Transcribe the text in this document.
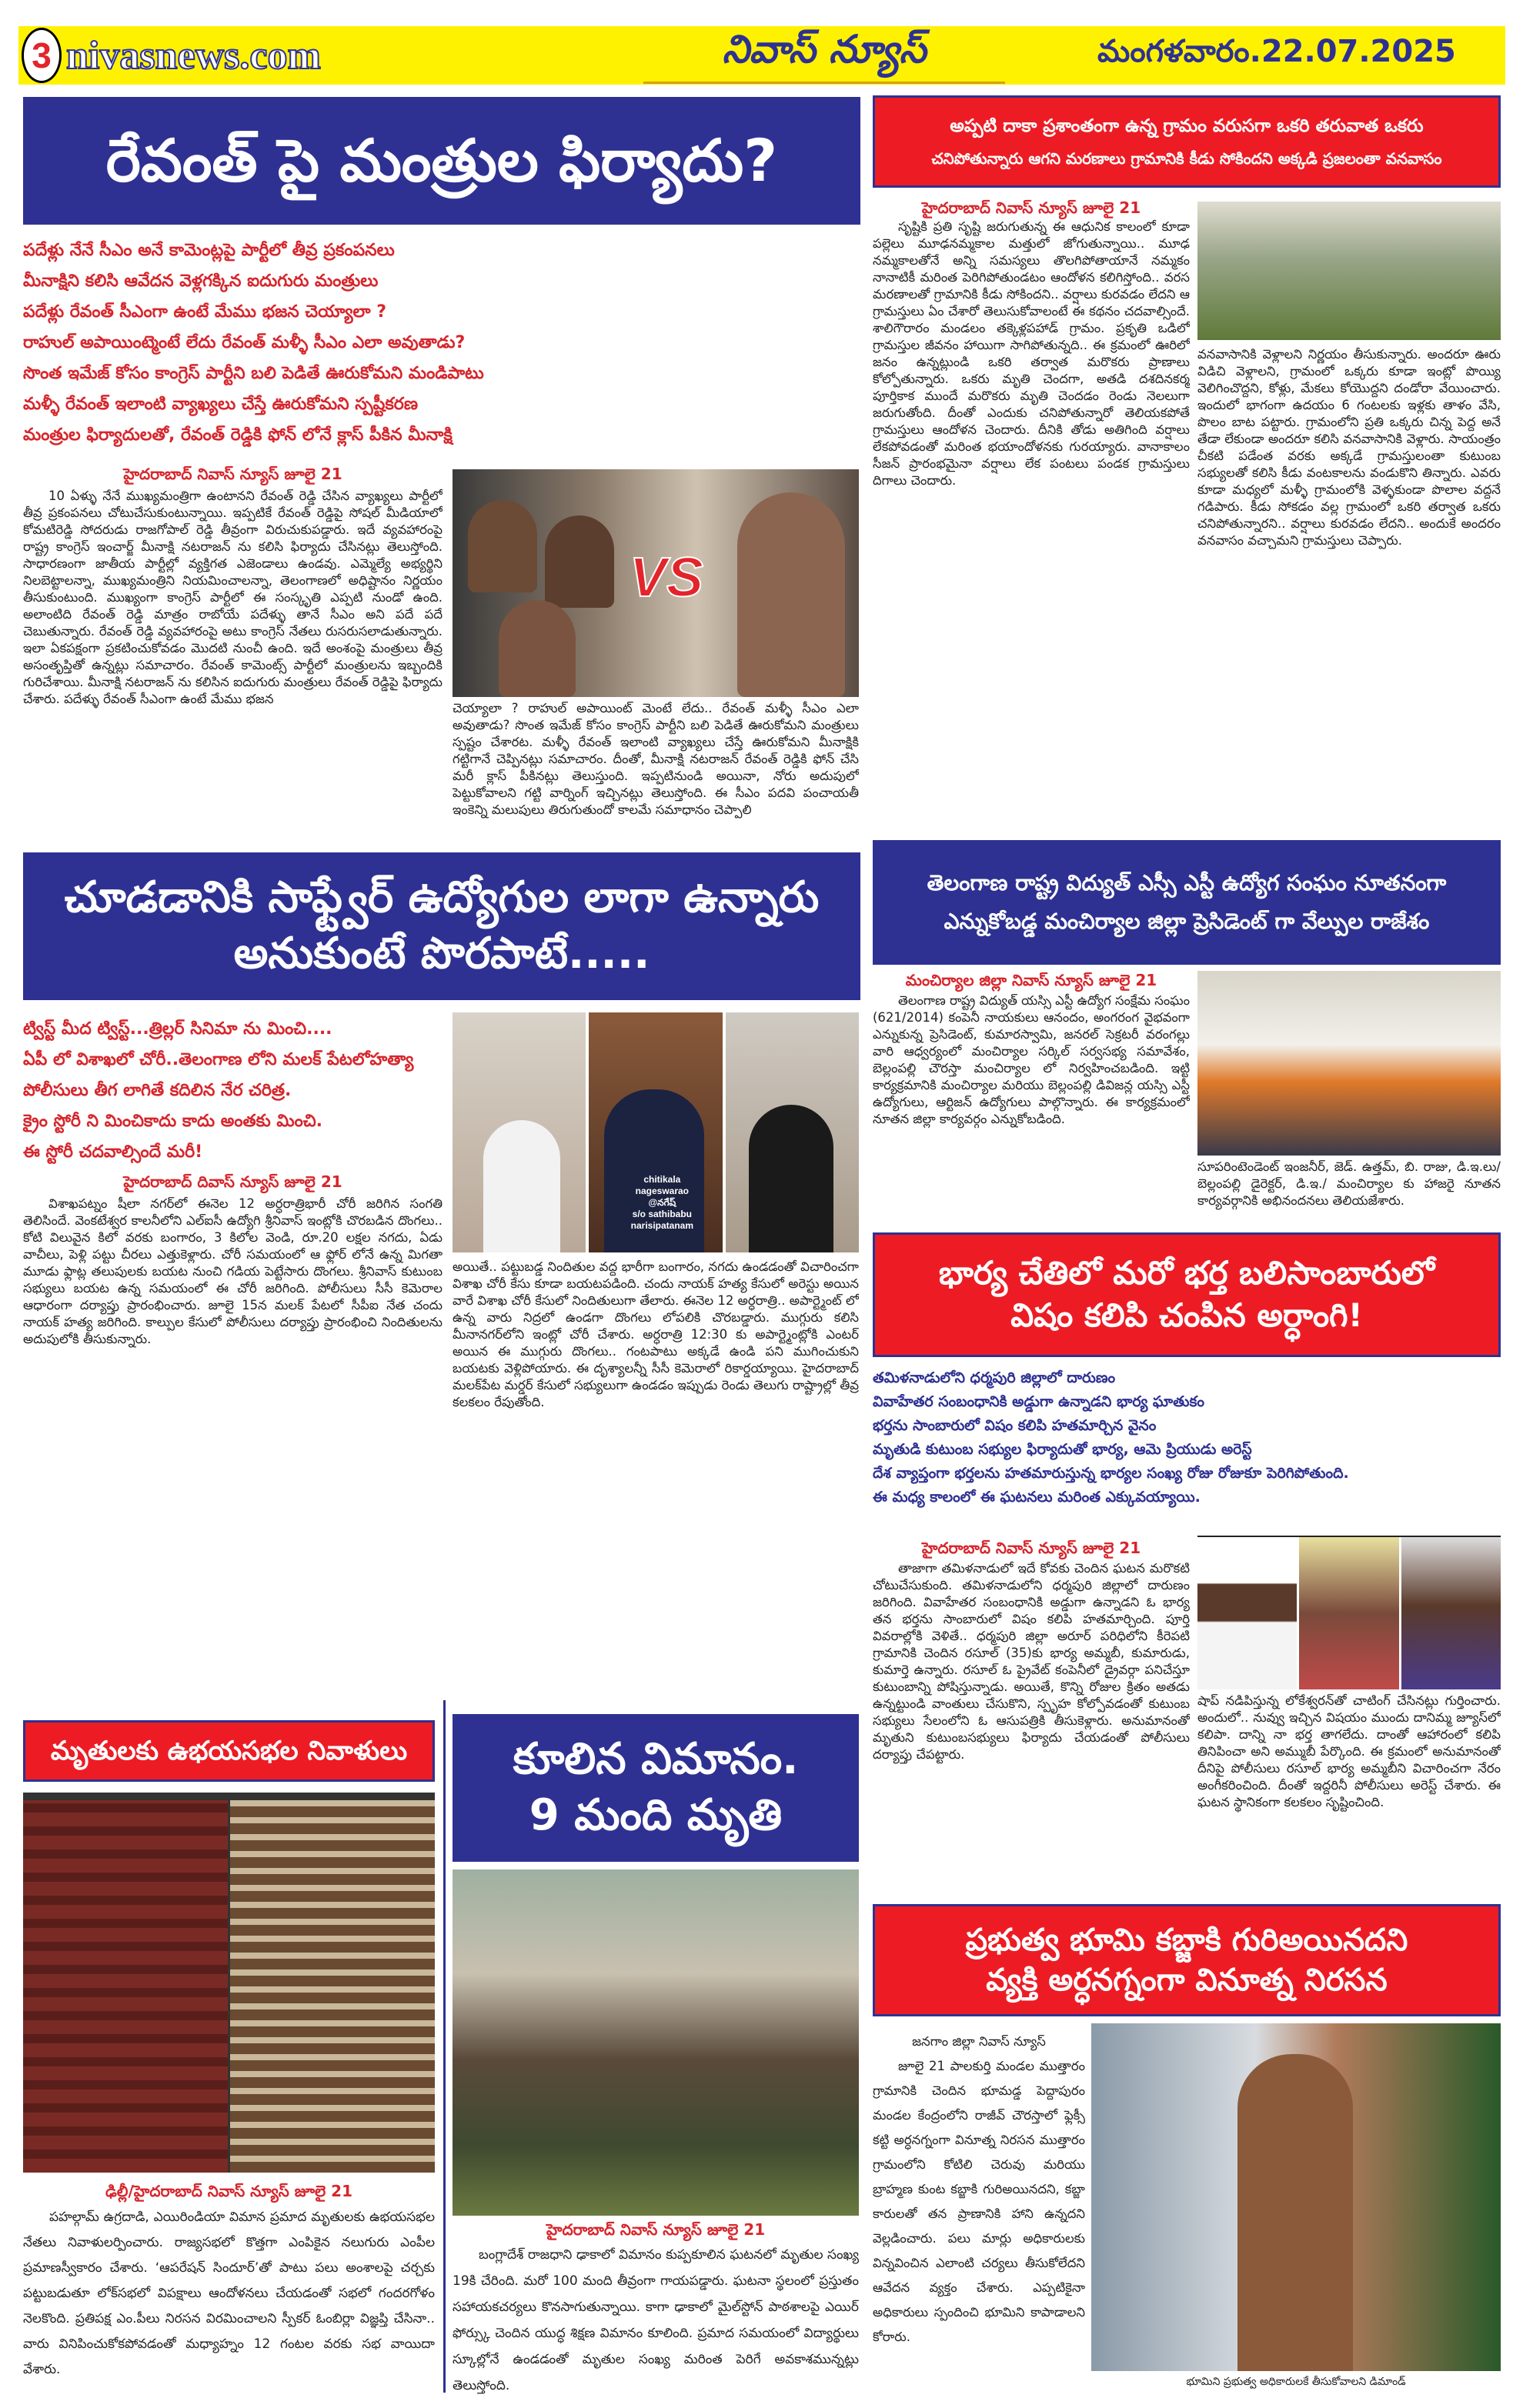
3 nivasnews.com	నివాస్ న్యూస్	మంగళవారం.22.07.2025
రేవంత్ పై మంత్రుల ఫిర్యాదు?
పదేళ్లు నేనే సీఎం అనే కామెంట్లపై పార్టీలో తీవ్ర ప్రకంపనలు
మీనాక్షిని కలిసి ఆవేదన వెళ్లగక్కిన ఐదుగురు మంత్రులు
పదేళ్లు రేవంత్ సీఎంగా ఉంటే మేము భజన చెయ్యాలా ?
రాహుల్ అపాయింట్మెంటే లేదు రేవంత్ మళ్ళీ సీఎం ఎలా అవుతాడు?
సొంత ఇమేజ్ కోసం కాంగ్రెస్ పార్టీని బలి పెడితే ఊరుకోమని మండిపాటు
మళ్ళీ రేవంత్ ఇలాంటి వ్యాఖ్యలు చేస్తే ఊరుకోమని స్పష్టీకరణ
మంత్రుల ఫిర్యాదులతో, రేవంత్ రెడ్డికి ఫోన్ లోనే క్లాస్ పీకిన మీనాక్షి
హైదరాబాద్ నివాస్ న్యూస్ జూలై 21

10 ఏళ్ళు నేనే ముఖ్యమంత్రిగా ఉంటానని రేవంత్ రెడ్డి చేసిన వ్యాఖ్యలు పార్టీలో తీవ్ర ప్రకంపనలు చోటుచేసుకుంటున్నాయి. ఇప్పటికే రేవంత్ రెడ్డిపై సోషల్ మీడియాలో కోమటిరెడ్డి సోదరుడు రాజగోపాల్ రెడ్డి తీవ్రంగా విరుచుకుపడ్డారు. ఇదే వ్యవహారంపై రాష్ట్ర కాంగ్రెస్ ఇంచార్జ్ మీనాక్షి నటరాజన్ ను కలిసి ఫిర్యాదు చేసినట్లు తెలుస్తోంది. సాధారణంగా జాతీయ పార్టీల్లో వ్యక్తిగత ఎజెండాలు ఉండవు. ఎమ్మెల్యే అభ్యర్థిని నిలబెట్టాలన్నా, ముఖ్యమంత్రిని నియమించాలన్నా, తెలంగాణలో అధిష్టానం నిర్ణయం తీసుకుంటుంది. ముఖ్యంగా కాంగ్రెస్ పార్టీలో ఈ సంస్కృతి ఎప్పటి నుండో ఉంది. అలాంటిది రేవంత్ రెడ్డి మాత్రం రాబోయే పదేళ్ళు తానే సీఎం అని పదే పదే చెబుతున్నారు. రేవంత్ రెడ్డి వ్యవహారంపై అటు కాంగ్రెస్ నేతలు రుసరుసలాడుతున్నారు. ఇలా ఏకపక్షంగా ప్రకటించుకోవడం మొదటి నుంచీ ఉంది. ఇదే అంశంపై మంత్రులు తీవ్ర అసంతృప్తితో ఉన్నట్లు సమాచారం. రేవంత్ కామెంట్స్ పార్టీలో మంత్రులను ఇబ్బందికి గురిచేశాయి. మీనాక్షి నటరాజన్ ను కలిసిన ఐదుగురు మంత్రులు రేవంత్ రెడ్డిపై ఫిర్యాదు చేశారు. పదేళ్ళు రేవంత్ సీఎంగా ఉంటే మేము భజన

VS
చెయ్యాలా ? రాహుల్ అపాయింట్ మెంటే లేదు.. రేవంత్ మళ్ళీ సీఎం ఎలా అవుతాడు? సొంత ఇమేజ్ కోసం కాంగ్రెస్ పార్టీని బలి పెడితే ఊరుకోమని మంత్రులు స్పష్టం చేశారట. మళ్ళీ రేవంత్ ఇలాంటి వ్యాఖ్యలు చేస్తే ఊరుకోమని మీనాక్షికి గట్టిగానే చెప్పినట్లు సమాచారం. దీంతో, మీనాక్షి నటరాజన్ రేవంత్ రెడ్డికి ఫోన్ చేసి మరీ క్లాస్ పీకినట్లు తెలుస్తుంది. ఇప్పటినుండి అయినా, నోరు అదుపులో పెట్టుకోవాలని గట్టి వార్నింగ్ ఇచ్చినట్లు తెలుస్తోంది. ఈ సీఎం పదవి పంచాయతీ ఇంకెన్ని మలుపులు తిరుగుతుందో కాలమే సమాధానం చెప్పాలి
చూడడానికి సాఫ్ట్వేర్ ఉద్యోగుల లాగా ఉన్నారు అనుకుంటే పొరపాటే.....
ట్విస్ట్ మీద ట్విస్ట్...త్రిల్లర్ సినిమా ను మించి....
ఏపీ లో విశాఖలో చోరీ..తెలంగాణ లోని మలక్ పేటలోహత్యా
పోలీసులు తీగ లాగితే కదిలిన నేర చరిత్ర.
క్రైం స్టోరీ ని మించికాదు కాదు అంతకు మించి.
ఈ స్టోరీ చదవాల్సిందే మరీ!
chitikala
nageswarao
@నగేష్
s/o sathibabu
narisipatanam
హైదరాబాద్ దివాస్ న్యూస్ జూలై 21

విశాఖపట్నం షీలా నగర్‌లో ఈనెల 12 అర్ధరాత్రిభారీ చోరీ జరిగిన సంగతి తెలిసిందే. వెంకటేశ్వర కాలనీలోని ఎల్ఐసీ ఉద్యోగి శ్రీనివాస్ ఇంట్లోకి చొరబడిన దొంగలు.. కోటి విలువైన కిలో వరకు బంగారం, 3 కిలోల వెండి, రూ.20 లక్షల నగదు, ఏడు వాచీలు, పెళ్లి పట్టు చీరలు ఎత్తుకెళ్లారు. చోరీ సమయంలో ఆ ఫ్లోర్ లోనే ఉన్న మిగతా మూడు ఫ్లాట్ల తలుపులకు బయట నుంచి గడియ పెట్టేసారు దొంగలు. శ్రీనివాస్ కుటుంబ సభ్యులు బయట ఉన్న సమయంలో ఈ చోరీ జరిగింది. పోలీసులు సీసీ కెమెరాల ఆధారంగా దర్యాప్తు ప్రారంభించారు. జూలై 15న మలక్ పేటలో సీపీఐ నేత చందు నాయక్ హత్య జరిగింది. కాల్పుల కేసులో పోలీసులు దర్యాప్తు ప్రారంభించి నిందితులను అదుపులోకి తీసుకున్నారు.

అయితే.. పట్టుబడ్డ నిందితుల వద్ద భారీగా బంగారం, నగదు ఉండడంతో విచారించగా విశాఖ చోరీ కేసు కూడా బయటపడింది. చందు నాయక్ హత్య కేసులో అరెస్టు అయిన వారే విశాఖ చోరీ కేసులో నిందితులుగా తేలారు. ఈనెల 12 అర్ధరాత్రి.. అపార్ట్మెంట్ లో ఉన్న వారు నిద్రలో ఉండగా దొంగలు లోపలికి చొరబడ్డారు. ముగ్గురు కలిసి మీనానగర్‌లోని ఇంట్లో చోరీ చేశారు. అర్ధరాత్రి 12:30 కు అపార్ట్మెంట్లోకి ఎంటర్ అయిన ఈ ముగ్గురు దొంగలు.. గంటపాటు అక్కడే ఉండి పని ముగించుకుని బయటకు వెళ్లిపోయారు. ఈ దృశ్యాలన్నీ సీసీ కెమెరాలో రికార్డయ్యాయి. హైదరాబాద్ మలక్‌పేట మర్డర్ కేసులో సభ్యులుగా ఉండడం ఇప్పుడు రెండు తెలుగు రాష్ట్రాల్లో తీవ్ర కలకలం రేపుతోంది.
మృతులకు ఉభయసభల నివాళులు
ఢిల్లీ/హైదరాబాద్ నివాస్ న్యూస్ జూలై 21

పహల్గామ్ ఉగ్రదాడి, ఎయిరిండియా విమాన ప్రమాద మృతులకు ఉభయసభల నేతలు నివాళులర్పించారు. రాజ్యసభలో కొత్తగా ఎంపికైన నలుగురు ఎంపీల ప్రమాణస్వీకారం చేశారు. ‘ఆపరేషన్ సిందూర్’తో పాటు పలు అంశాలపై చర్చకు పట్టుబడుతూ లోక్‌సభలో విపక్షాలు ఆందోళనలు చేయడంతో సభలో గందరగోళం నెలకొంది. ప్రతిపక్ష ఎం.పీలు నిరసన విరమించాలని స్పీకర్ ఓంబిర్లా విజ్ఞప్తి చేసినా.. వారు వినిపించుకోకపోవడంతో మధ్యాహ్నం 12 గంటల వరకు సభ వాయిదా వేశారు.

కూలిన విమానం.
9 మంది మృతి
హైదరాబాద్ నివాస్ న్యూస్ జూలై 21

బంగ్లాదేశ్ రాజధాని ఢాకాలో విమానం కుప్పకూలిన ఘటనలో మృతుల సంఖ్య 19కి చేరింది. మరో 100 మంది తీవ్రంగా గాయపడ్డారు. ఘటనా స్థలంలో ప్రస్తుతం సహాయకచర్యలు కొనసాగుతున్నాయి. కాగా ఢాకాలో మైల్‌స్టోన్ పాఠశాలపై ఎయిర్ ఫోర్స్కు చెందిన యుద్ధ శిక్షణ విమానం కూలింది. ప్రమాద సమయంలో విద్యార్థులు స్కూల్లోనే ఉండడంతో మృతుల సంఖ్య మరింత పెరిగే అవకాశమున్నట్లు తెలుస్తోంది.

అప్పటి దాకా ప్రశాంతంగా ఉన్న గ్రామం వరుసగా ఒకరి తరువాత ఒకరు
చనిపోతున్నారు ఆగని మరణాలు గ్రామానికి కీడు సోకిందని అక్కడి ప్రజలంతా వనవాసం
హైదరాబాద్ నివాస్ న్యూస్ జూలై 21

సృష్టికి ప్రతి సృష్టి జరుగుతున్న ఈ ఆధునిక కాలంలో కూడా పల్లెలు మూఢనమ్మకాల మత్తులో జోగుతున్నాయి.. మూఢ నమ్మకాలతోనే అన్ని సమస్యలు తొలగిపోతాయానే నమ్మకం నానాటికీ మరింత పెరిగిపోతుండటం ఆందోళన కలిగిస్తోంది.. వరస మరణాలతో గ్రామానికి కీడు సోకిందని.. వర్షాలు కురవడం లేదని ఆ గ్రామస్తులు ఏం చేశారో తెలుసుకోవాలంటే ఈ కథనం చదవాల్సిందే. శాలిగౌరారం మండలం తక్కెళ్లపహాడ్ గ్రామం. ప్రకృతి ఒడిలో గ్రామస్తుల జీవనం హాయిగా సాగిపోతున్నది.. ఈ క్రమంలో ఊరిలో జనం ఉన్నట్లుండి ఒకరి తర్వాత మరొకరు ప్రాణాలు కోల్పోతున్నారు. ఒకరు మృతి చెందగా, అతడి దశదినకర్మ పూర్తికాక ముందే మరొకరు మృతి చెందడం రెండు నెలలుగా జరుగుతోంది. దీంతో ఎందుకు చనిపోతున్నారో తెలియకపోతే గ్రామస్తులు ఆందోళన చెందారు. దీనికి తోడు అతిగింది వర్షాలు లేకపోవడంతో మరింత భయాందోళనకు గురయ్యారు. వానాకాలం సీజన్ ప్రారంభమైనా వర్షాలు లేక పంటలు పండక గ్రామస్తులు దిగాలు చెందారు.

వనవాసానికి వెళ్లాలని నిర్ణయం తీసుకున్నారు. అందరూ ఊరు విడిచి వెళ్లాలని, గ్రామంలో ఒక్కరు కూడా ఇంట్లో పొయ్యి వెలిగించొద్దని, కోళ్లు, మేకలు కోయొద్దని దండోరా వేయించారు. ఇందులో భాగంగా ఉదయం 6 గంటలకు ఇళ్లకు తాళం వేసి, పొలం బాట పట్టారు. గ్రామంలోని ప్రతి ఒక్కరు చిన్న పెద్ద అనే తేడా లేకుండా అందరూ కలిసి వనవాసానికి వెళ్లారు. సాయంత్రం చీకటి పడేంత వరకు అక్కడే గ్రామస్తులంతా కుటుంబ సభ్యులతో కలిసి కీడు వంటకాలను వండుకొని తిన్నారు. ఎవరు కూడా మధ్యలో మళ్ళీ గ్రామంలోకి వెళ్ళకుండా పొలాల వద్దనే గడిపారు. కీడు సోకడం వల్ల గ్రామంలో ఒకరి తర్వాత ఒకరు చనిపోతున్నారని.. వర్షాలు కురవడం లేదని.. అందుకే అందరం వనవాసం వచ్చామని గ్రామస్తులు చెప్పారు.
తెలంగాణ రాష్ట్ర విద్యుత్ ఎస్సీ ఎస్టీ ఉద్యోగ సంఘం నూతనంగా
ఎన్నుకోబడ్డ మంచిర్యాల జిల్లా ప్రెసిడెంట్ గా వేల్పుల రాజేశం
మంచిర్యాల జిల్లా నివాస్ న్యూస్ జూలై 21

తెలంగాణ రాష్ట్ర విద్యుత్ యస్సి ఎస్టీ ఉద్యోగ సంక్షేమ సంఘం (621/2014) కంపెనీ నాయకులు ఆనందం, అంగరంగ వైభవంగా ఎన్నుకున్న ప్రెసిడెంట్, కుమారస్వామి, జనరల్ సెక్రటరీ వరంగల్లు వారి ఆధ్వర్యంలో మంచిర్యాల సర్కిల్ సర్వసభ్య సమావేశం, బెల్లంపల్లి చౌరస్తా మంచిర్యాల లో నిర్వహించబడింది. ఇట్టి కార్యక్రమానికి మంచిర్యాల మరియు బెల్లంపల్లి డివిజన్ల యస్సి ఎస్టీ ఉద్యోగులు, ఆర్టిజన్ ఉద్యోగులు పాల్గొన్నారు. ఈ కార్యక్రమంలో నూతన జిల్లా కార్యవర్గం ఎన్నుకోబడింది.

సూపరింటెండెంట్ ఇంజనీర్, జెడ్. ఉత్తమ్, బి. రాజు, డి.ఇ.లు/బెల్లంపల్లి డైరెక్టర్, డి.ఇ./ మంచిర్యాల కు హాజరై నూతన కార్యవర్గానికి అభినందనలు తెలియజేశారు.
భార్య చేతిలో మరో భర్త బలిసాంబారులో
విషం కలిపి చంపిన అర్ధాంగి!
తమిళనాడులోని ధర్మపురి జిల్లాలో దారుణం
వివాహేతర సంబంధానికి అడ్డుగా ఉన్నాడని భార్య ఘాతుకం
భర్తను సాంబారులో విషం కలిపి హతమార్చిన వైనం
మృతుడి కుటుంబ సభ్యుల ఫిర్యాదుతో భార్య, ఆమె ప్రియుడు అరెస్ట్
దేశ వ్యాప్తంగా భర్తలను హతమారుస్తున్న భార్యల సంఖ్య రోజు రోజుకూ పెరిగిపోతుంది.
ఈ మధ్య కాలంలో ఈ ఘటనలు మరింత ఎక్కువయ్యాయి.
హైదరాబాద్ నివాస్ న్యూస్ జూలై 21

తాజాగా తమిళనాడులో ఇదే కోవకు చెందిన ఘటన మరొకటి చోటుచేసుకుంది. తమిళనాడులోని ధర్మపురి జిల్లాలో దారుణం జరిగింది. వివాహేతర సంబంధానికి అడ్డుగా ఉన్నాడని ఓ భార్య తన భర్తను సాంబారులో విషం కలిపి హతమార్చింది. పూర్తి వివరాల్లోకి వెళితే.. ధర్మపురి జిల్లా అరూర్ పరిధిలోని కీరెపటి గ్రామానికి చెందిన రసూల్ (35)కు భార్య అమ్మబీ, కుమారుడు, కుమార్తె ఉన్నారు. రసూల్ ఓ ప్రైవేట్ కంపెనీలో డ్రైవర్గా పనిచేస్తూ కుటుంబాన్ని పోషిస్తున్నాడు. అయితే, కొన్ని రోజుల క్రితం అతడు ఉన్నట్టుండి వాంతులు చేసుకొని, స్పృహ కోల్పోవడంతో కుటుంబ సభ్యులు సేలంలోని ఓ ఆసుపత్రికి తీసుకెళ్లారు. అనుమానంతో మృతుని కుటుంబసభ్యులు ఫిర్యాదు చేయడంతో పోలీసులు దర్యాప్తు చేపట్టారు.

షాప్ నడిపిస్తున్న లోకేశ్వరన్‌తో చాటింగ్ చేసినట్లు గుర్తించారు. అందులో.. నువ్వు ఇచ్చిన విషయం ముందు దానిమ్మ జ్యూస్‌లో కలిపా. దాన్ని నా భర్త తాగలేదు. దాంతో ఆహారంలో కలిపి తినిపించా అని అమ్ముబీ పేర్కొంది. ఈ క్రమంలో అనుమానంతో దీనిపై పోలీసులు రసూల్ భార్య అమ్మబీని విచారించగా నేరం అంగీకరించింది. దీంతో ఇద్దరినీ పోలీసులు అరెస్ట్ చేశారు. ఈ ఘటన స్థానికంగా కలకలం సృష్టించింది.
ప్రభుత్వ భూమి కబ్జాకి గురిఅయినదని
వ్యక్తి అర్ధనగ్నంగా వినూత్న నిరసన
జనగాం జిల్లా నివాస్ న్యూస్

జూలై 21 పాలకుర్తి మండల ముత్తారం గ్రామానికి చెందిన భూమడ్డ పెద్దాపురం మండల కేంద్రంలోని రాజీవ్ చౌరస్తాలో ఫ్లెక్సీ కట్టి అర్ధనగ్నంగా వినూత్న నిరసన ముత్తారం గ్రామంలోని కోటిలి చెరువు మరియు బ్రాహ్మణ కుంట కబ్జాకి గురిఅయినదని, కబ్జా కారులతో తన ప్రాణానికి హాని ఉన్నదని వెల్లడించారు. పలు మార్లు అధికారులకు విన్నవించిన ఎలాంటి చర్యలు తీసుకోలేదని ఆవేదన వ్యక్తం చేశారు. ఎప్పటికైనా అధికారులు స్పందించి భూమిని కాపాడాలని కోరారు.

భూమిని ప్రభుత్వ అధికారులకే తీసుకోవాలని డిమాండ్
